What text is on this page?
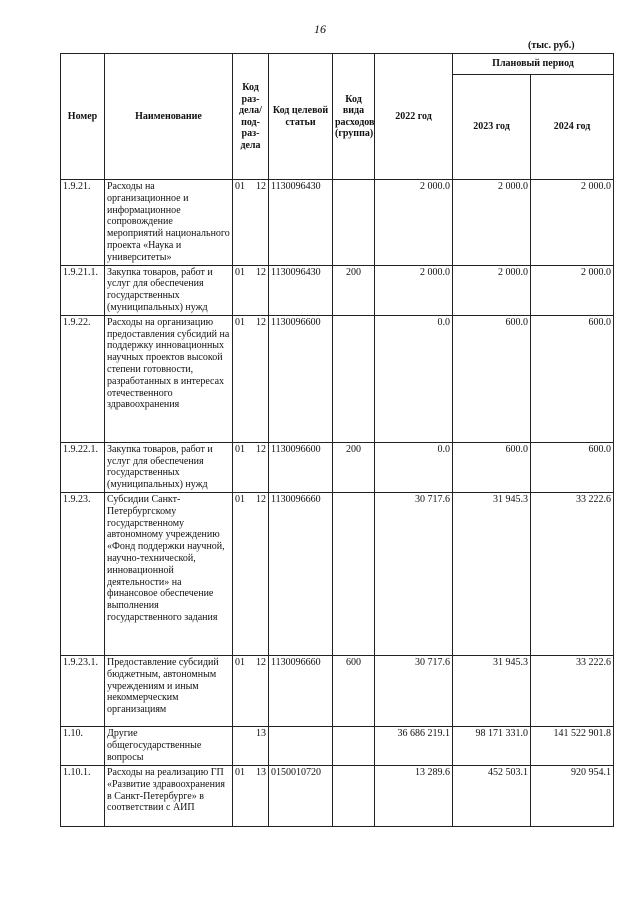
16
(тыс. руб.)
Номер	Наименование	Код раз-дела/ под-раз-дела	Код целевой статьи	Код вида расходов (группа)	2022 год	Плановый период	
						2023 год	2024 год
1.9.21.	Расходы на организационное и информационное сопровождение мероприятий национального проекта «Наука и университеты»	01 12	1130096430		2 000.0	2 000.0	2 000.0
1.9.21.1.	Закупка товаров, работ и услуг для обеспечения государственных (муниципальных) нужд	01 12	1130096430	200	2 000.0	2 000.0	2 000.0
1.9.22.	Расходы на организацию предоставления субсидий на поддержку инновационных научных проектов высокой степени готовности, разработанных в интересах отечественного здравоохранения	01 12	1130096600		0.0	600.0	600.0
1.9.22.1.	Закупка товаров, работ и услуг для обеспечения государственных (муниципальных) нужд	01 12	1130096600	200	0.0	600.0	600.0
1.9.23.	Субсидии Санкт-Петербургскому государственному автономному учреждению «Фонд поддержки научной, научно-технической, инновационной деятельности» на финансовое обеспечение выполнения государственного задания	01 12	1130096660		30 717.6	31 945.3	33 222.6
1.9.23.1.	Предоставление субсидий бюджетным, автономным учреждениям и иным некоммерческим организациям	01 12	1130096660	600	30 717.6	31 945.3	33 222.6
1.10.	Другие общегосударственные вопросы	13			36 686 219.1	98 171 331.0	141 522 901.8
1.10.1.	Расходы на реализацию ГП «Развитие здравоохранения в Санкт-Петербурге» в соответствии с АИП	01 13	0150010720		13 289.6	452 503.1	920 954.1
